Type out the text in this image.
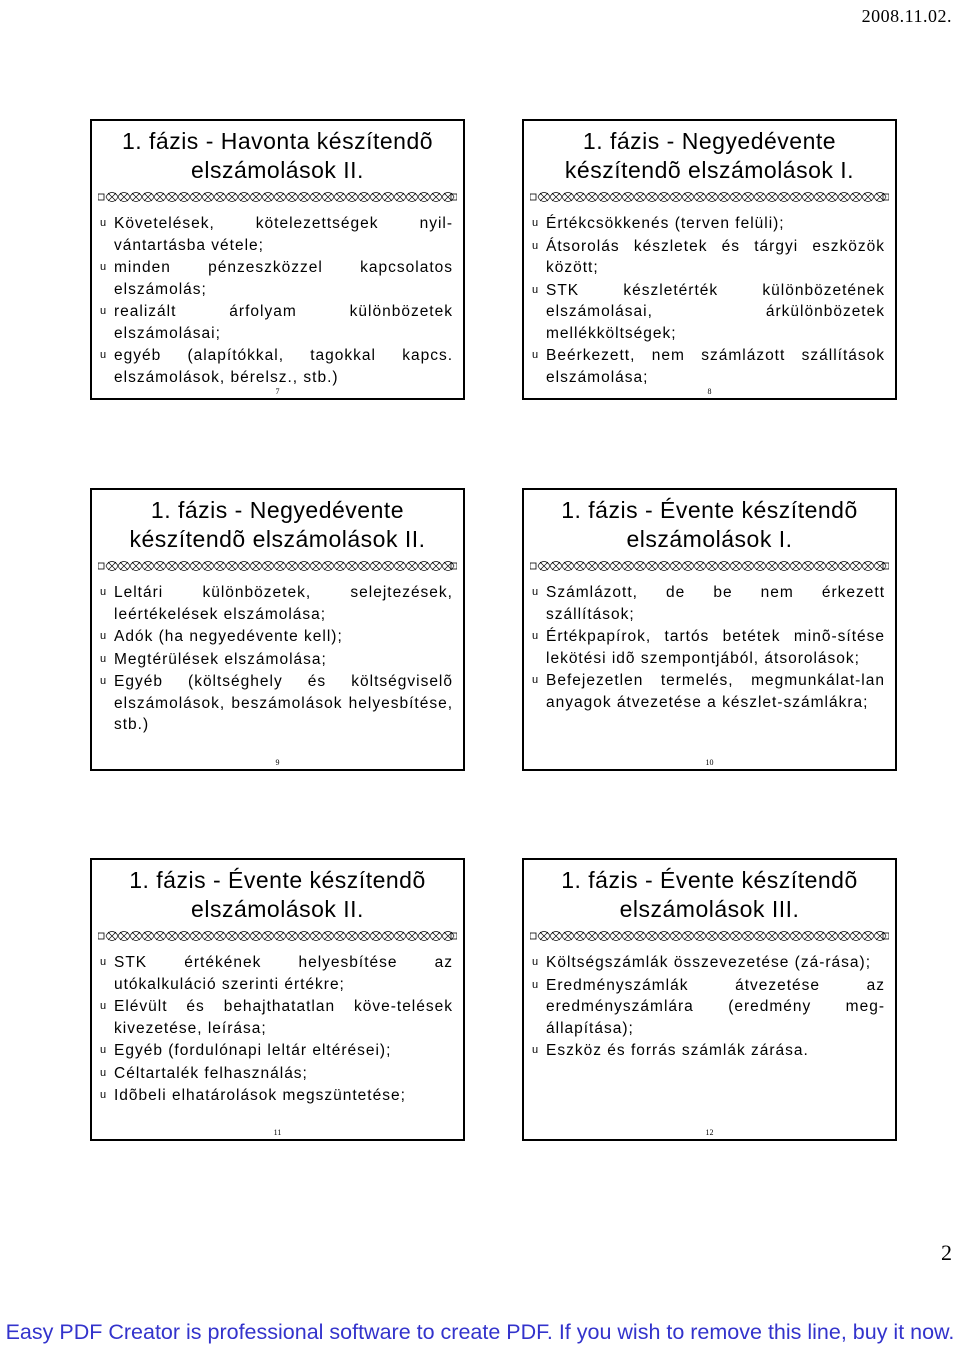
2008.11.02.
1. fázis - Havonta készítendõ elszámolások II.
u Követelések, kötelezettségek nyil-vántartásba vétele;
u minden pénzeszközzel kapcsolatos elszámolás;
u realizált árfolyam különbözetek elszámolásai;
u egyéb (alapítókkal, tagokkal kapcs. elszámolások, bérelsz., stb.)
7
1. fázis - Negyedévente készítendõ elszámolások I.
u Értékcsökkenés (terven felüli);
u Átsorolás készletek és tárgyi eszközök között;
u STK készletérték különbözetének elszámolásai, árkülönbözetek mellékköltségek;
u Beérkezett, nem számlázott szállítások elszámolása;
8
1. fázis - Negyedévente készítendõ elszámolások II.
u Leltári különbözetek, selejtezések, leértékelések elszámolása;
u Adók (ha negyedévente kell);
u Megtérülések elszámolása;
u Egyéb (költséghely és költségviselõ elszámolások, beszámolások helyesbítése, stb.)
9
1. fázis - Évente készítendõ elszámolások I.
u Számlázott, de be nem érkezett szállítások;
u Értékpapírok, tartós betétek minõ-sítése lekötési idõ szempontjából, átsorolások;
u Befejezetlen termelés, megmunkálat-lan anyagok átvezetése a készlet-számlákra;
10
1. fázis - Évente készítendõ elszámolások II.
u STK értékének helyesbítése az utókalkuláció szerinti értékre;
u Elévült és behajthatatlan köve-telések kivezetése, leírása;
u Egyéb (fordulónapi leltár eltérései);
u Céltartalék felhasználás;
u Idõbeli elhatárolások megszüntetése;
11
1. fázis - Évente készítendõ elszámolások III.
u Költségszámlák összevezetése (zá-rása);
u Eredményszámlák átvezetése az eredményszámlára (eredmény meg-állapítása);
u Eszköz és forrás számlák zárása.
12
2
Easy PDF Creator is professional software to create PDF. If you wish to remove this line, buy it now.
